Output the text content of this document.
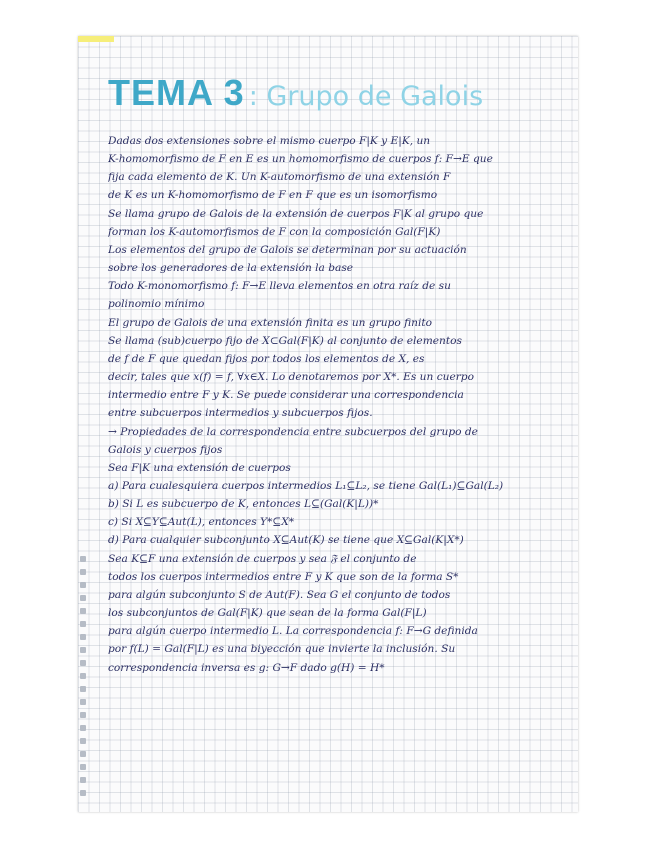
TEMA 3 : Grupo de Galois
Dadas dos extensiones sobre el mismo cuerpo F|K y E|K, un
K-homomorfismo de F en E es un homomorfismo de cuerpos f: F→E que
fija cada elemento de K. Un K-automorfismo de una extensión F
de K es un K-homomorfismo de F en F que es un isomorfismo
Se llama grupo de Galois de la extensión de cuerpos F|K al grupo que
forman los K-automorfismos de F con la composición Gal(F|K)
Los elementos del grupo de Galois se determinan por su actuación
sobre los generadores de la extensión la base
Todo K-monomorfismo f: F→E lleva elementos en otra raíz de su
polinomio mínimo
El grupo de Galois de una extensión finita es un grupo finito
Se llama (sub)cuerpo fijo de X⊂Gal(F|K) al conjunto de elementos
de f de F que quedan fijos por todos los elementos de X, es
decir, tales que x(f) = f, ∀x∈X. Lo denotaremos por X*. Es un cuerpo
intermedio entre F y K. Se puede considerar una correspondencia
entre subcuerpos intermedios y subcuerpos fijos.
→ Propiedades de la correspondencia entre subcuerpos del grupo de
Galois y cuerpos fijos
Sea F|K una extensión de cuerpos
a) Para cualesquiera cuerpos intermedios L₁⊆L₂, se tiene Gal(L₁)⊆Gal(L₂)
b) Si L es subcuerpo de K, entonces L⊆(Gal(K|L))*
c) Si X⊆Y⊆Aut(L), entonces Y*⊆X*
d) Para cualquier subconjunto X⊆Aut(K) se tiene que X⊆Gal(K|X*)
Sea K⊆F una extensión de cuerpos y sea 𝔉 el conjunto de
todos los cuerpos intermedios entre F y K que son de la forma S*
para algún subconjunto S de Aut(F). Sea G el conjunto de todos
los subconjuntos de Gal(F|K) que sean de la forma Gal(F|L)
para algún cuerpo intermedio L. La correspondencia f: F→G definida
por f(L) = Gal(F|L) es una biyección que invierte la inclusión. Su
correspondencia inversa es g: G→F dado g(H) = H*
